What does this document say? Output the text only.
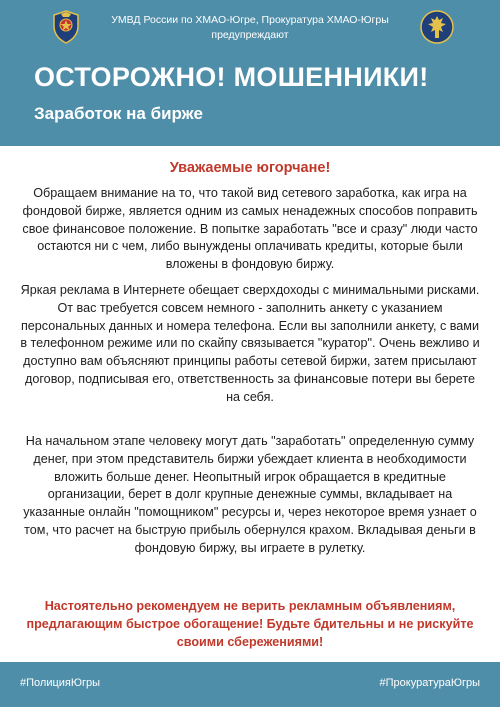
УМВД России по ХМАО-Югре, Прокуратура ХМАО-Югры
предупреждают
ОСТОРОЖНО! МОШЕННИКИ!
Заработок на бирже
Уважаемые югорчане!

Обращаем внимание на то, что такой вид сетевого заработка, как игра на фондовой бирже, является одним из самых ненадежных способов поправить свое финансовое положение. В попытке заработать "все и сразу" люди часто остаются ни с чем, либо вынуждены оплачивать кредиты, которые были вложены в фондовую биржу.

Яркая реклама в Интернете обещает сверхдоходы с минимальными рисками. От вас требуется совсем немного - заполнить анкету с указанием персональных данных и номера телефона. Если вы заполнили анкету, с вами в телефонном режиме или по скайпу связывается "куратор". Очень вежливо и доступно вам объясняют принципы работы сетевой биржи, затем присылают договор, подписывая его, ответственность за финансовые потери вы берете на себя.

На начальном этапе человеку могут дать "заработать" определенную сумму денег, при этом представитель биржи убеждает клиента в необходимости вложить больше денег. Неопытный игрок обращается в кредитные организации, берет в долг крупные денежные суммы, вкладывает на указанные онлайн "помощником" ресурсы и, через некоторое время узнает о том, что расчет на быструю прибыль обернулся крахом. Вкладывая деньги в фондовую биржу, вы играете в рулетку.

Настоятельно рекомендуем не верить рекламным объявлениям, предлагающим быстрое обогащение! Будьте бдительны и не рискуйте своими сбережениями!

#ПолицияЮгры	#ПрокуратураЮгры
